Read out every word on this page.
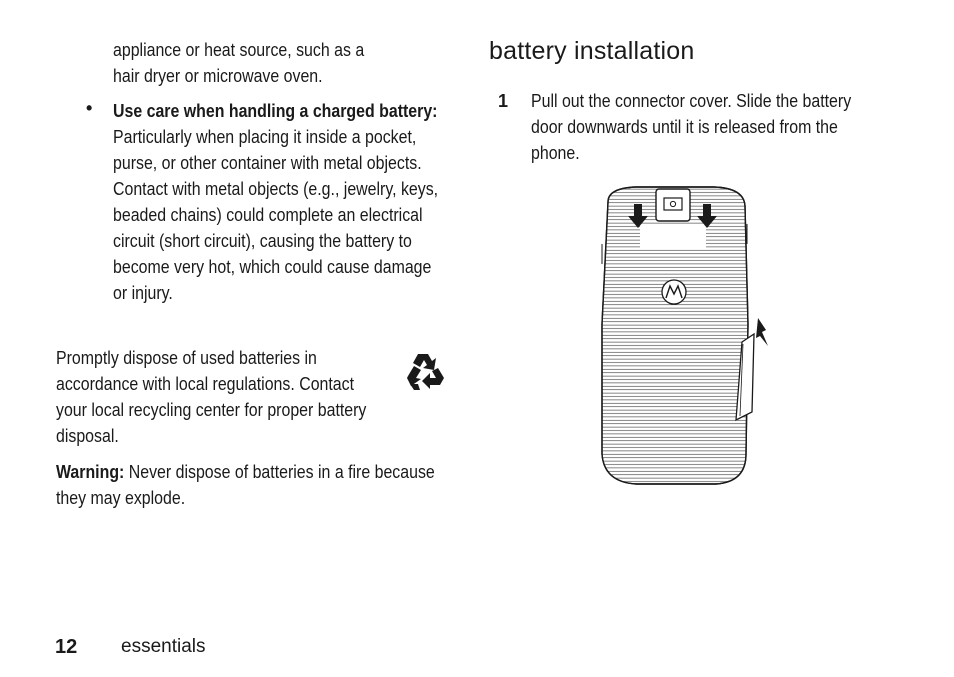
appliance or heat source, such as a hair dryer or microwave oven.
• Use care when handling a charged battery: Particularly when placing it inside a pocket, purse, or other container with metal objects. Contact with metal objects (e.g., jewelry, keys, beaded chains) could complete an electrical circuit (short circuit), causing the battery to become very hot, which could cause damage or injury.
Promptly dispose of used batteries in accordance with local regulations. Contact your local recycling center for proper battery disposal.
Warning: Never dispose of batteries in a fire because they may explode.
battery installation
1 Pull out the connector cover. Slide the battery door downwards until it is released from the phone.
12 essentials
